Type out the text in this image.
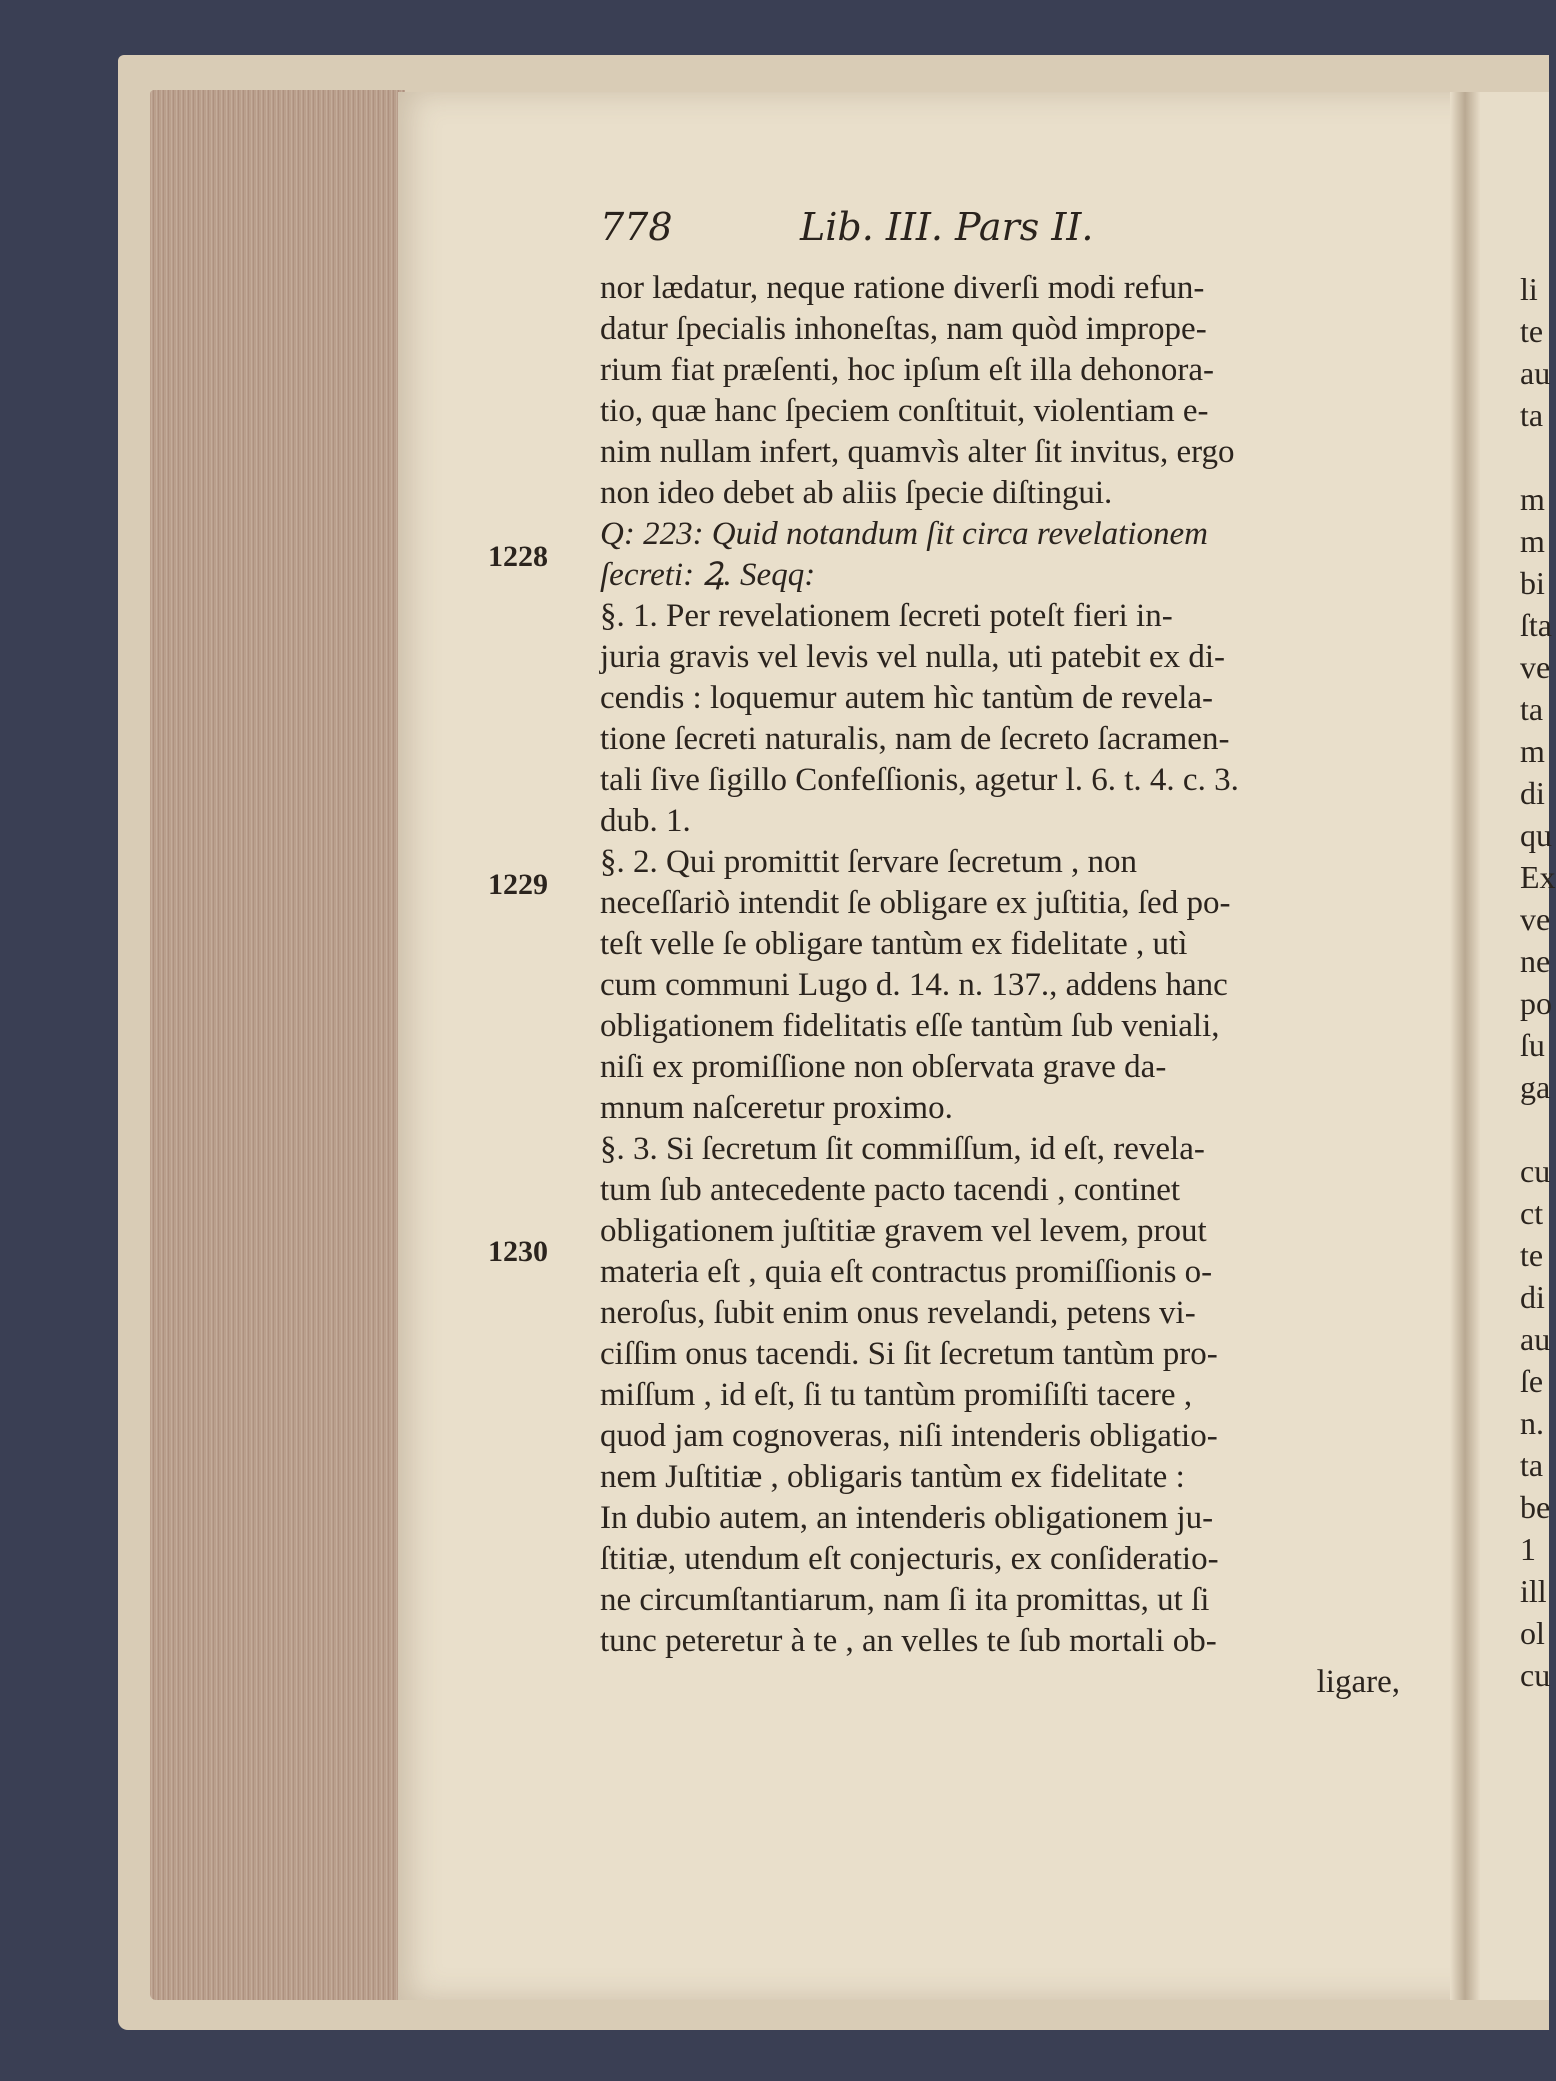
778	Lib. III. Pars II.
1228
1229
1230
nor lædatur, neque ratione diverſi modi refun-
datur ſpecialis inhoneſtas, nam quòd imprope-
rium fiat præſenti, hoc ipſum eſt illa dehonora-
tio, quæ hanc ſpeciem conſtituit, violentiam e-
nim nullam infert, quamvìs alter ſit invitus, ergo
non ideo debet ab aliis ſpecie diſtingui.
Q: 223: Quid notandum ſit circa revelationem
ſecreti: Ꝝ. Seqq:
§. 1. Per revelationem ſecreti poteſt fieri in-
juria gravis vel levis vel nulla, uti patebit ex di-
cendis : loquemur autem hìc tantùm de revela-
tione ſecreti naturalis, nam de ſecreto ſacramen-
tali ſive ſigillo Confeſſionis, agetur l. 6. t. 4. c. 3.
dub. 1.
§. 2. Qui promittit ſervare ſecretum , non
neceſſariò intendit ſe obligare ex juſtitia, ſed po-
teſt velle ſe obligare tantùm ex fidelitate , utì
cum communi Lugo d. 14. n. 137., addens hanc
obligationem fidelitatis eſſe tantùm ſub veniali,
niſi ex promiſſione non obſervata grave da-
mnum naſceretur proximo.
§. 3. Si ſecretum ſit commiſſum, id eſt, revela-
tum ſub antecedente pacto tacendi , continet
obligationem juſtitiæ gravem vel levem, prout
materia eſt , quia eſt contractus promiſſionis o-
neroſus, ſubit enim onus revelandi, petens vi-
ciſſim onus tacendi. Si ſit ſecretum tantùm pro-
miſſum , id eſt, ſi tu tantùm promiſiſti tacere ,
quod jam cognoveras, niſi intenderis obligatio-
nem Juſtitiæ , obligaris tantùm ex fidelitate :
In dubio autem, an intenderis obligationem ju-
ſtitiæ, utendum eſt conjecturis, ex conſideratio-
ne circumſtantiarum, nam ſi ita promittas, ut ſi
tunc peteretur à te , an velles te ſub mortali ob-
ligare,
li
te
au
ta
m
m
bi
ſta
ve
ta
m
di
qu
Ex
ve
ne
po
ſu
ga
cu
ct
te
di
au
ſe
n.
ta
be
1
ill
ol
cu
